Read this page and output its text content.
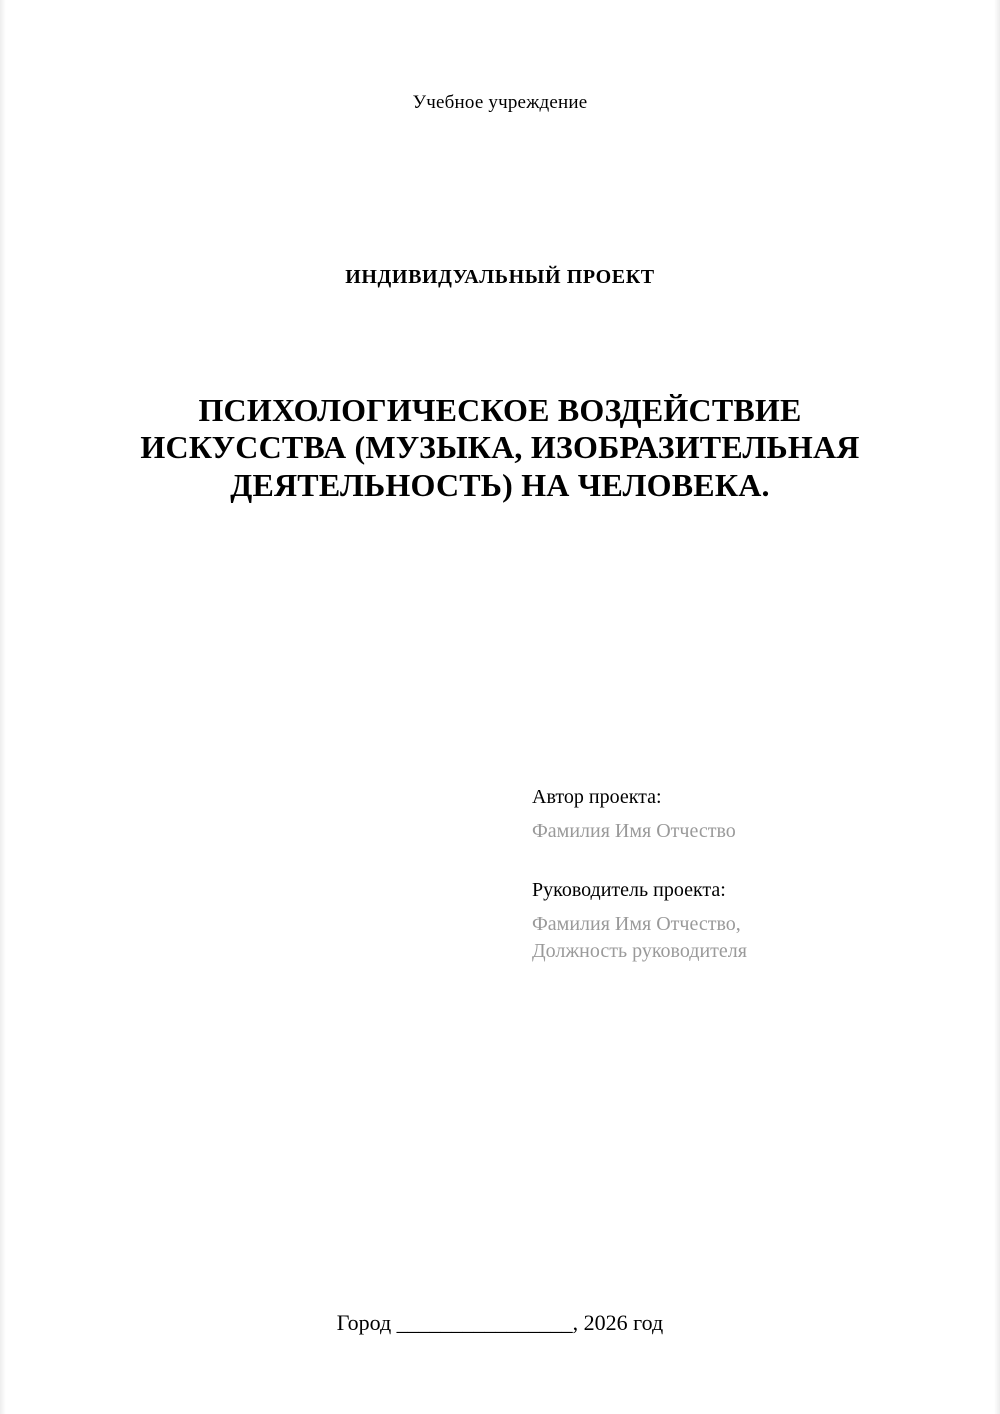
Учебное учреждение
ИНДИВИДУАЛЬНЫЙ ПРОЕКТ
ПСИХОЛОГИЧЕСКОЕ ВОЗДЕЙСТВИЕ ИСКУССТВА (МУЗЫКА, ИЗОБРАЗИТЕЛЬНАЯ ДЕЯТЕЛЬНОСТЬ) НА ЧЕЛОВЕКА.
Автор проекта:
Фамилия Имя Отчество
Руководитель проекта:
Фамилия Имя Отчество,
Должность руководителя
Город ________________, 2026 год
